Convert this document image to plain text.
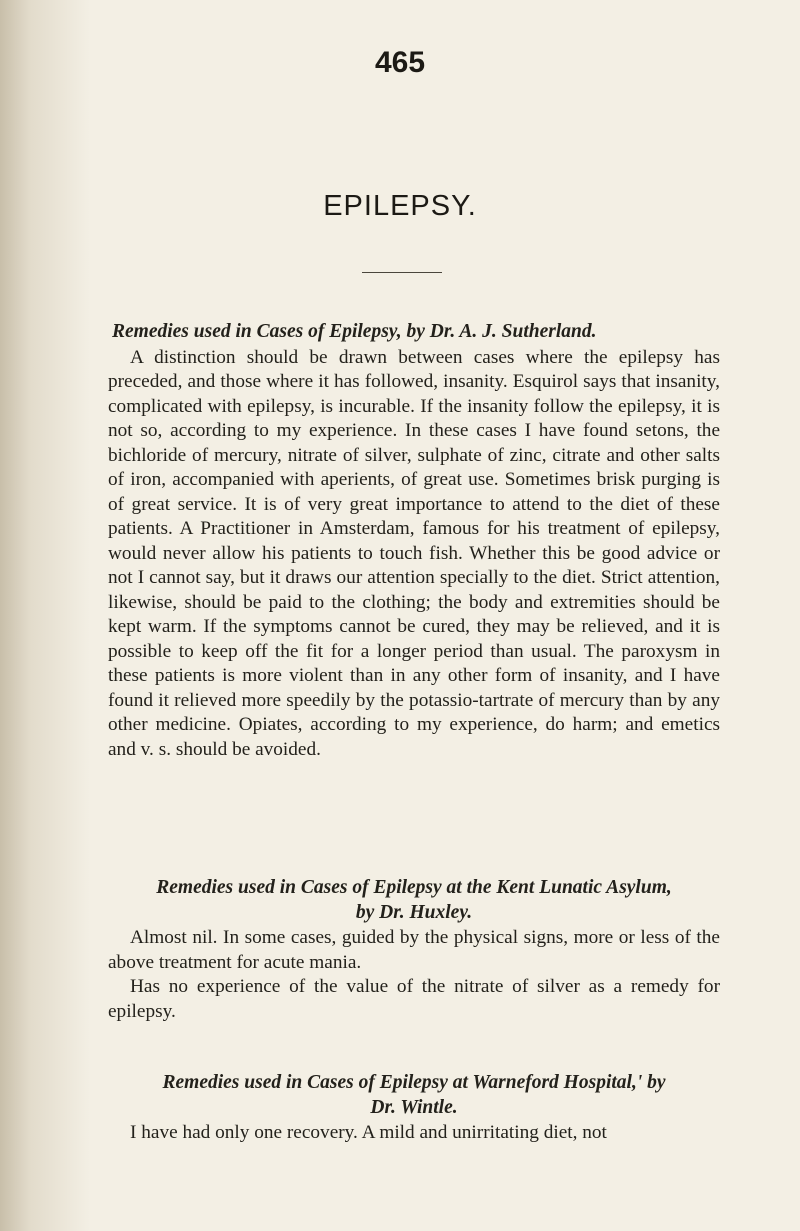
465
EPILEPSY.
Remedies used in Cases of Epilepsy, by Dr. A. J. Sutherland.

A distinction should be drawn between cases where the epilepsy has preceded, and those where it has followed, insanity. Esquirol says that insanity, complicated with epilepsy, is incurable. If the insanity follow the epilepsy, it is not so, according to my experience. In these cases I have found setons, the bichloride of mercury, nitrate of silver, sulphate of zinc, citrate and other salts of iron, accompanied with aperients, of great use. Sometimes brisk purging is of great service. It is of very great importance to attend to the diet of these patients. A Practitioner in Amsterdam, famous for his treatment of epilepsy, would never allow his patients to touch fish. Whether this be good advice or not I cannot say, but it draws our attention specially to the diet. Strict attention, likewise, should be paid to the clothing; the body and extremities should be kept warm. If the symptoms cannot be cured, they may be relieved, and it is possible to keep off the fit for a longer period than usual. The paroxysm in these patients is more violent than in any other form of insanity, and I have found it relieved more speedily by the potassio-tartrate of mercury than by any other medicine. Opiates, according to my experience, do harm; and emetics and v. s. should be avoided.

Remedies used in Cases of Epilepsy at the Kent Lunatic Asylum,
by Dr. Huxley.

Almost nil. In some cases, guided by the physical signs, more or less of the above treatment for acute mania.

Has no experience of the value of the nitrate of silver as a remedy for epilepsy.

Remedies used in Cases of Epilepsy at Warneford Hospital,' by
Dr. Wintle.

I have had only one recovery. A mild and unirritating diet, not
